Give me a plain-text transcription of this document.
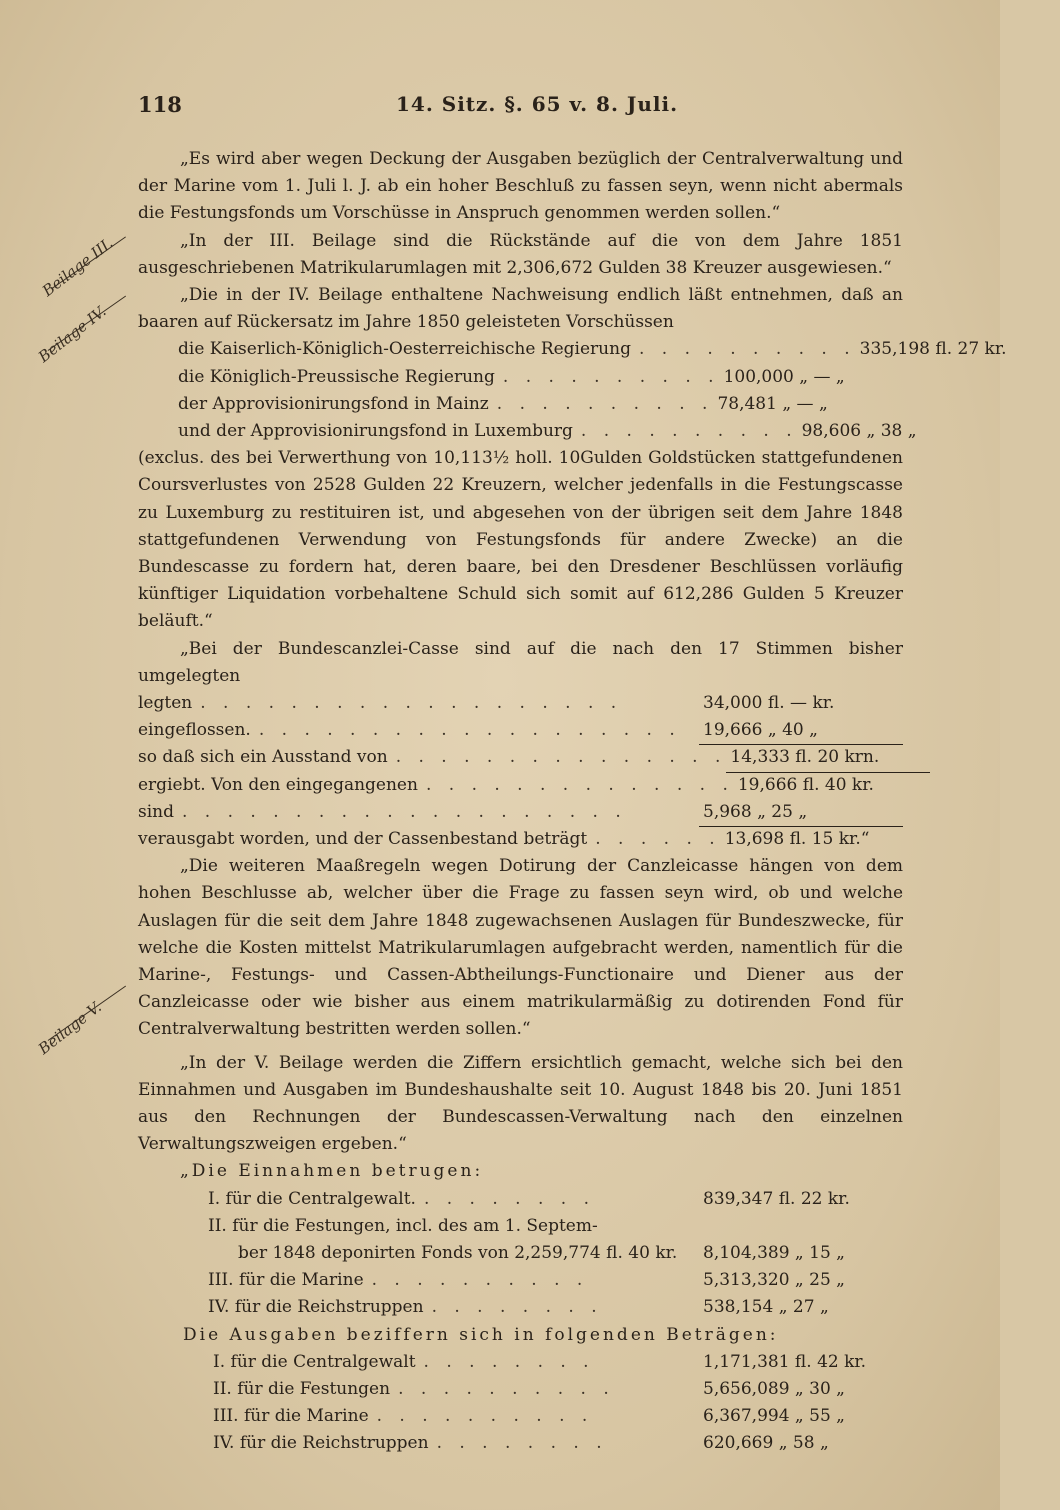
118	14. Sitz. §. 65 v. 8. Juli.
Beilage III.
Beilage IV.
Beilage V.

„Es wird aber wegen Deckung der Ausgaben bezüglich der Centralverwaltung und der Marine vom 1. Juli l. J. ab ein hoher Beschluß zu fassen seyn, wenn nicht abermals die Festungsfonds um Vorschüsse in Anspruch genommen werden sollen.“

„In der III. Beilage sind die Rückstände auf die von dem Jahre 1851 ausgeschriebenen Matrikularumlagen mit 2,306,672 Gulden 38 Kreuzer ausgewiesen.“

„Die in der IV. Beilage enthaltene Nachweisung endlich läßt entnehmen, daß an baaren auf Rückersatz im Jahre 1850 geleisteten Vorschüssen

die Kaiserlich-Königlich-Oesterreichische Regierung . . . . . . . . . . 335,198 fl. 27 kr.
die Königlich-Preussische Regierung . . . . . . . . . . 100,000 „ — „
der Approvisionirungsfond in Mainz . . . . . . . . . . 78,481 „ — „
und der Approvisionirungsfond in Luxemburg . . . . . . . . . . 98,606 „ 38 „

(exclus. des bei Verwerthung von 10,113½ holl. 10Gulden Goldstücken stattgefundenen Coursverlustes von 2528 Gulden 22 Kreuzern, welcher jedenfalls in die Festungscasse zu Luxemburg zu restituiren ist, und abgesehen von der übrigen seit dem Jahre 1848 stattgefundenen Verwendung von Festungsfonds für andere Zwecke) an die Bundescasse zu fordern hat, deren baare, bei den Dresdener Beschlüssen vorläufig künftiger Liquidation vorbehaltene Schuld sich somit auf 612,286 Gulden 5 Kreuzer beläuft.“

„Bei der Bundescanzlei-Casse sind auf die nach den 17 Stimmen bisher umgelegten

legten . . . . . . . . . . . . . . . . . . .	34,000 fl. — kr.
eingeflossen. . . . . . . . . . . . . . . . . . . .	19,666 „ 40 „
so daß sich ein Ausstand von . . . . . . . . . . . . . . . 14,333 fl. 20 krn.
ergiebt. Von den eingegangenen . . . . . . . . . . . . . . 19,666 fl. 40 kr.
sind . . . . . . . . . . . . . . . . . . . .	5,968 „ 25 „
verausgabt worden, und der Cassenbestand beträgt . . . . . . 13,698 fl. 15 kr.“

„Die weiteren Maaßregeln wegen Dotirung der Canzleicasse hängen von dem hohen Beschlusse ab, welcher über die Frage zu fassen seyn wird, ob und welche Auslagen für die seit dem Jahre 1848 zugewachsenen Auslagen für Bundeszwecke, für welche die Kosten mittelst Matrikularumlagen aufgebracht werden, namentlich für die Marine-, Festungs- und Cassen-Abtheilungs-Functionaire und Diener aus der Canzleicasse oder wie bisher aus einem matrikularmäßig zu dotirenden Fond für Centralverwaltung bestritten werden sollen.“

„In der V. Beilage werden die Ziffern ersichtlich gemacht, welche sich bei den Einnahmen und Ausgaben im Bundeshaushalte seit 10. August 1848 bis 20. Juni 1851 aus den Rechnungen der Bundescassen-Verwaltung nach den einzelnen Verwaltungszweigen ergeben.“

„Die Einnahmen betrugen:

I. für die Centralgewalt. . . . . . . . .	839,347 fl. 22 kr.
II. für die Festungen, incl. des am 1. Septem-
ber 1848 deponirten Fonds von 2,259,774 fl. 40 kr. 8,104,389 „ 15 „
III. für die Marine . . . . . . . . . .	5,313,320 „ 25 „
IV. für die Reichstruppen . . . . . . . .	538,154 „ 27 „

Die Ausgaben beziffern sich in folgenden Beträgen:

I. für die Centralgewalt . . . . . . . .	1,171,381 fl. 42 kr.
II. für die Festungen . . . . . . . . . .	5,656,089 „ 30 „
III. für die Marine . . . . . . . . . .	6,367,994 „ 55 „
IV. für die Reichstruppen . . . . . . . .	620,669 „ 58 „
